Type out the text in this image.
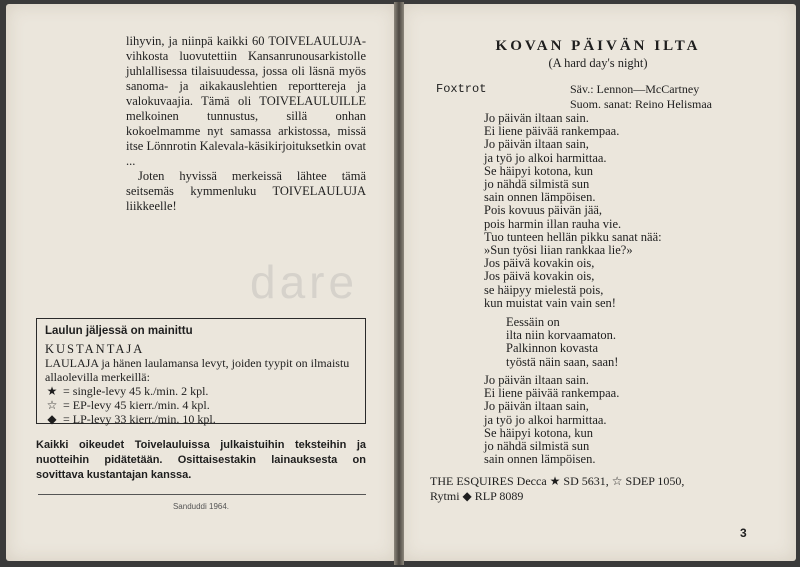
lihyvin, ja niinpä kaikki 60 TOIVELAULUJA-vihkosta luovutettiin Kansanrunousarkistolle juhlallisessa tilaisuudessa, jossa oli läsnä myös sanoma- ja aikakauslehtien reporttereja ja valokuvaajia. Tämä oli TOIVELAULUILLE melkoinen tunnustus, sillä onhan kokoelmamme nyt samassa arkistossa, missä itse Lönnrotin Kalevala-käsikirjoituksetkin ovat ...

Joten hyvissä merkeissä lähtee tämä seitsemäs kymmenluku TOIVELAULUJA liikkeelle!

Laulun jäljessä on mainittu
KUSTANTAJA
LAULAJA ja hänen laulamansa levyt, joiden tyypit on ilmaistu allaolevilla merkeillä:
★ = single-levy 45 k./min. 2 kpl.
☆ = EP-levy 45 kierr./min. 4 kpl.
◆ = LP-levy 33 kierr./min. 10 kpl.

Kaikki oikeudet Toivelauluissa julkaistuihin teksteihin ja nuotteihin pidätetään. Osittaisestakin lainauksesta on sovittava kustantajan kanssa.

Sanduddi 1964.
dare
KOVAN PÄIVÄN ILTA
(A hard day's night)
Foxtrot	Säv.: Lennon—McCartney
Suom. sanat: Reino Helismaa
Jo päivän iltaan sain.
Ei liene päivää rankempaa.
Jo päivän iltaan sain,
ja työ jo alkoi harmittaa.
Se häipyi kotona, kun
jo nähdä silmistä sun
sain onnen lämpöisen.
Pois kovuus päivän jää,
pois harmin illan rauha vie.
Tuo tunteen hellän pikku sanat nää:
»Sun työsi liian rankkaa lie?»
Jos päivä kovakin ois,
Jos päivä kovakin ois,
se häipyy mielestä pois,
kun muistat vain vain sen!
Eessäin on
ilta niin korvaamaton.
Palkinnon kovasta
työstä näin saan, saan!
Jo päivän iltaan sain.
Ei liene päivää rankempaa.
Jo päivän iltaan sain,
ja työ jo alkoi harmittaa.
Se häipyi kotona, kun
jo nähdä silmistä sun
sain onnen lämpöisen.
THE ESQUIRES Decca ★ SD 5631, ☆ SDEP 1050,
Rytmi ◆ RLP 8089
3
